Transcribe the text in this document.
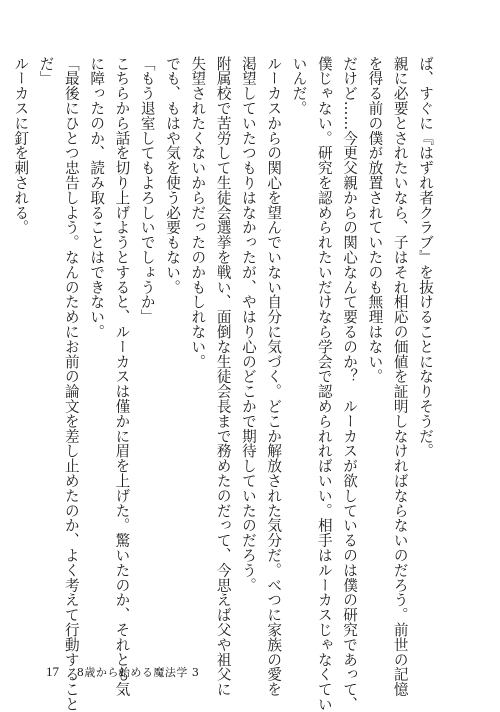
ば、すぐに『はずれ者クラブ』を抜けることになりそうだ。
親に必要とされたいなら、子はそれ相応の価値を証明しなければならないのだろう。前世の記憶
を得る前の僕が放置されていたのも無理はない。
だけど……今更父親からの関心なんて要るのか？　ルーカスが欲しているのは僕の研究であって、
僕じゃない。研究を認められたいだけなら学会で認められればいい。相手はルーカスじゃなくてい
いんだ。
ルーカスからの関心を望んでいない自分に気づく。どこか解放された気分だ。べつに家族の愛を
渇望していたつもりはなかったが、やはり心のどこかで期待していたのだろう。
附属校で苦労して生徒会選挙を戦い、面倒な生徒会長まで務めたのだって、今思えば父や祖父に
失望されたくないからだったのかもしれない。
でも、もはや気を使う必要もない。
「もう退室してもよろしいでしょうか」
こちらから話を切り上げようとすると、ルーカスは僅かに眉を上げた。驚いたのか、それとも気
に障ったのか、読み取ることはできない。
「最後にひとつ忠告しよう。なんのためにお前の論文を差し止めたのか、よく考えて行動すること
だ」
ルーカスに釘を刺される。
17 8歳から始める魔法学 3
